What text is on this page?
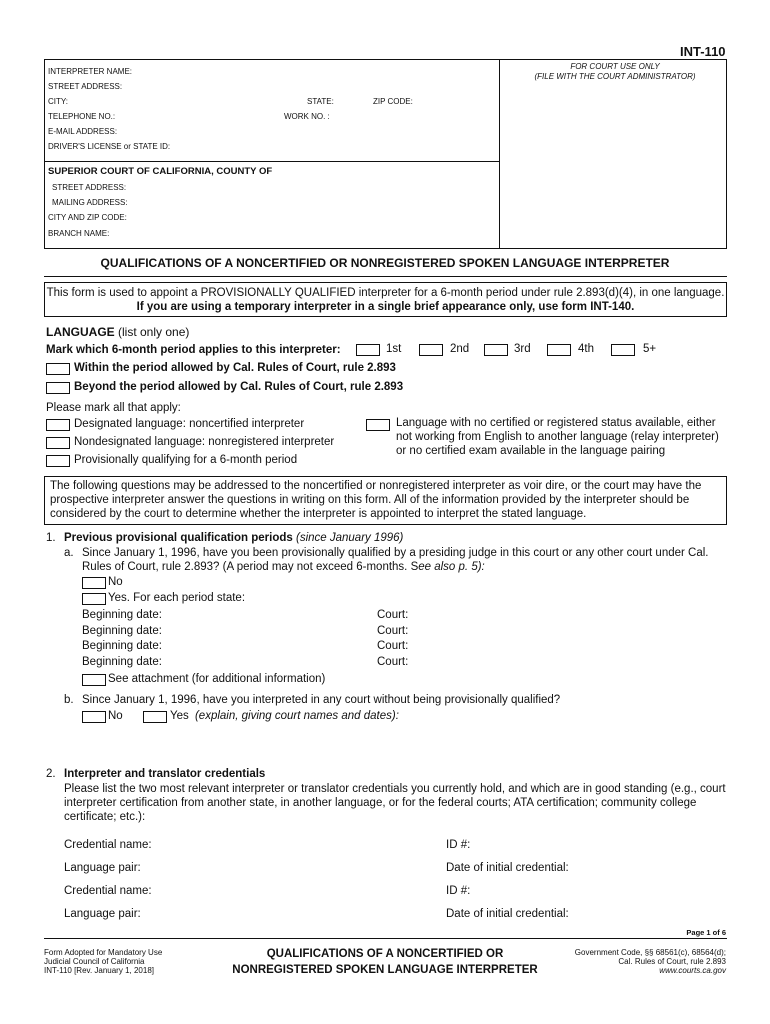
INT-110
INTERPRETER NAME:
STREET ADDRESS:
CITY:	STATE:	ZIP CODE:
TELEPHONE NO.:	WORK NO. :
E-MAIL ADDRESS:
DRIVER'S LICENSE or STATE ID:
FOR COURT USE ONLY
(FILE WITH THE COURT ADMINISTRATOR)
SUPERIOR COURT OF CALIFORNIA, COUNTY OF
STREET ADDRESS:
MAILING ADDRESS:
CITY AND ZIP CODE:
BRANCH NAME:
QUALIFICATIONS OF A NONCERTIFIED OR NONREGISTERED SPOKEN LANGUAGE INTERPRETER
This form is used to appoint a PROVISIONALLY QUALIFIED interpreter for a 6-month period under rule 2.893(d)(4), in one language.
If you are using a temporary interpreter in a single brief appearance only, use form INT-140.
LANGUAGE (list only one)
Mark which 6-month period applies to this interpreter:	1st	2nd	3rd	4th	5+
Within the period allowed by Cal. Rules of Court, rule 2.893
Beyond the period allowed by Cal. Rules of Court, rule 2.893
Please mark all that apply:
Designated language: noncertified interpreter
Nondesignated language: nonregistered interpreter
Provisionally qualifying for a 6-month period
Language with no certified or registered status available, either
not working from English to another language (relay interpreter)
or no certified exam available in the language pairing
The following questions may be addressed to the noncertified or nonregistered interpreter as voir dire, or the court may have the
prospective interpreter answer the questions in writing on this form. All of the information provided by the interpreter should be
considered by the court to determine whether the interpreter is appointed to interpret the stated language.
1. Previous provisional qualification periods (since January 1996)
a. Since January 1, 1996, have you been provisionally qualified by a presiding judge in this court or any other court under Cal.
Rules of Court, rule 2.893? (A period may not exceed 6-months. See also p. 5):
No
Yes. For each period state:
Beginning date:	Court:
Beginning date:	Court:
Beginning date:	Court:
Beginning date:	Court:
See attachment (for additional information)
b. Since January 1, 1996, have you interpreted in any court without being provisionally qualified?
No	Yes (explain, giving court names and dates):
2. Interpreter and translator credentials
Please list the two most relevant interpreter or translator credentials you currently hold, and which are in good standing (e.g., court
interpreter certification from another state, in another language, or for the federal courts; ATA certification; community college
certificate; etc.):
Credential name:	ID #:
Language pair:	Date of initial credential:
Credential name:	ID #:
Language pair:	Date of initial credential:
Page 1 of 6
Form Adopted for Mandatory Use
Judicial Council of California
INT-110 [Rev. January 1, 2018]
QUALIFICATIONS OF A NONCERTIFIED OR
NONREGISTERED SPOKEN LANGUAGE INTERPRETER
Government Code, §§ 68561(c), 68564(d);
Cal. Rules of Court, rule 2.893
www.courts.ca.gov
